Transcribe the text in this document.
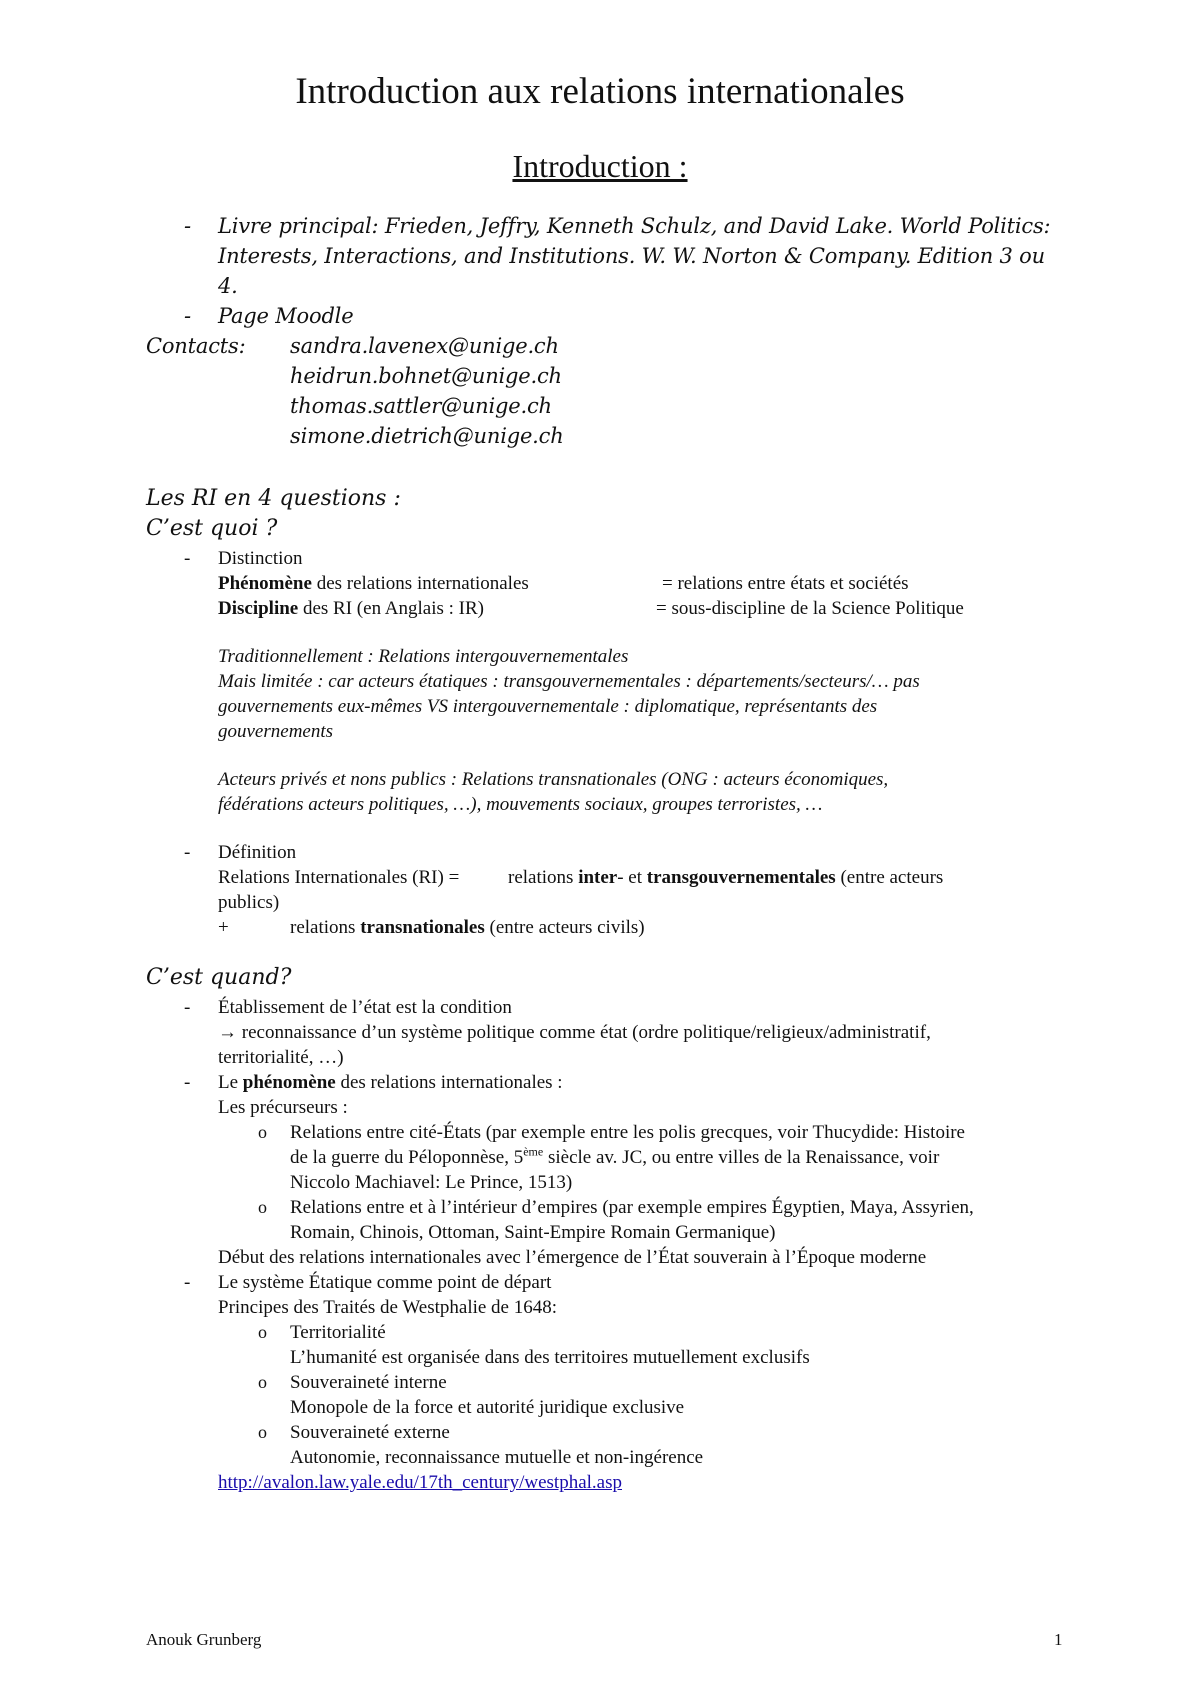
Introduction aux relations internationales
Introduction :
- Livre principal: Frieden, Jeffry, Kenneth Schulz, and David Lake. World Politics:
Interests, Interactions, and Institutions. W. W. Norton & Company. Edition 3 ou
4.
- Page Moodle
Contacts: sandra.lavenex@unige.ch
heidrun.bohnet@unige.ch
thomas.sattler@unige.ch
simone.dietrich@unige.ch
Les RI en 4 questions :
C’est quoi ?
- Distinction
Phénomène des relations internationales	= relations entre états et sociétés
Discipline des RI (en Anglais : IR)	= sous-discipline de la Science Politique
Traditionnellement : Relations intergouvernementales
Mais limitée : car acteurs étatiques : transgouvernementales : départements/secteurs/… pas
gouvernements eux-mêmes VS intergouvernementale : diplomatique, représentants des
gouvernements
Acteurs privés et nons publics : Relations transnationales (ONG : acteurs économiques,
fédérations acteurs politiques, …), mouvements sociaux, groupes terroristes, …
- Définition
Relations Internationales (RI) =	relations inter- et transgouvernementales (entre acteurs
publics)
+	relations transnationales (entre acteurs civils)
C’est quand?
- Établissement de l’état est la condition
→ reconnaissance d’un système politique comme état (ordre politique/religieux/administratif,
territorialité, …)
- Le phénomène des relations internationales :
Les précurseurs :
o Relations entre cité-États (par exemple entre les polis grecques, voir Thucydide: Histoire
de la guerre du Péloponnèse, 5ème siècle av. JC, ou entre villes de la Renaissance, voir
Niccolo Machiavel: Le Prince, 1513)
o Relations entre et à l’intérieur d’empires (par exemple empires Égyptien, Maya, Assyrien,
Romain, Chinois, Ottoman, Saint-Empire Romain Germanique)
Début des relations internationales avec l’émergence de l’État souverain à l’Époque moderne
- Le système Étatique comme point de départ
Principes des Traités de Westphalie de 1648:
o Territorialité
L’humanité est organisée dans des territoires mutuellement exclusifs
o Souveraineté interne
Monopole de la force et autorité juridique exclusive
o Souveraineté externe
Autonomie, reconnaissance mutuelle et non-ingérence
http://avalon.law.yale.edu/17th_century/westphal.asp
Anouk Grunberg	1
